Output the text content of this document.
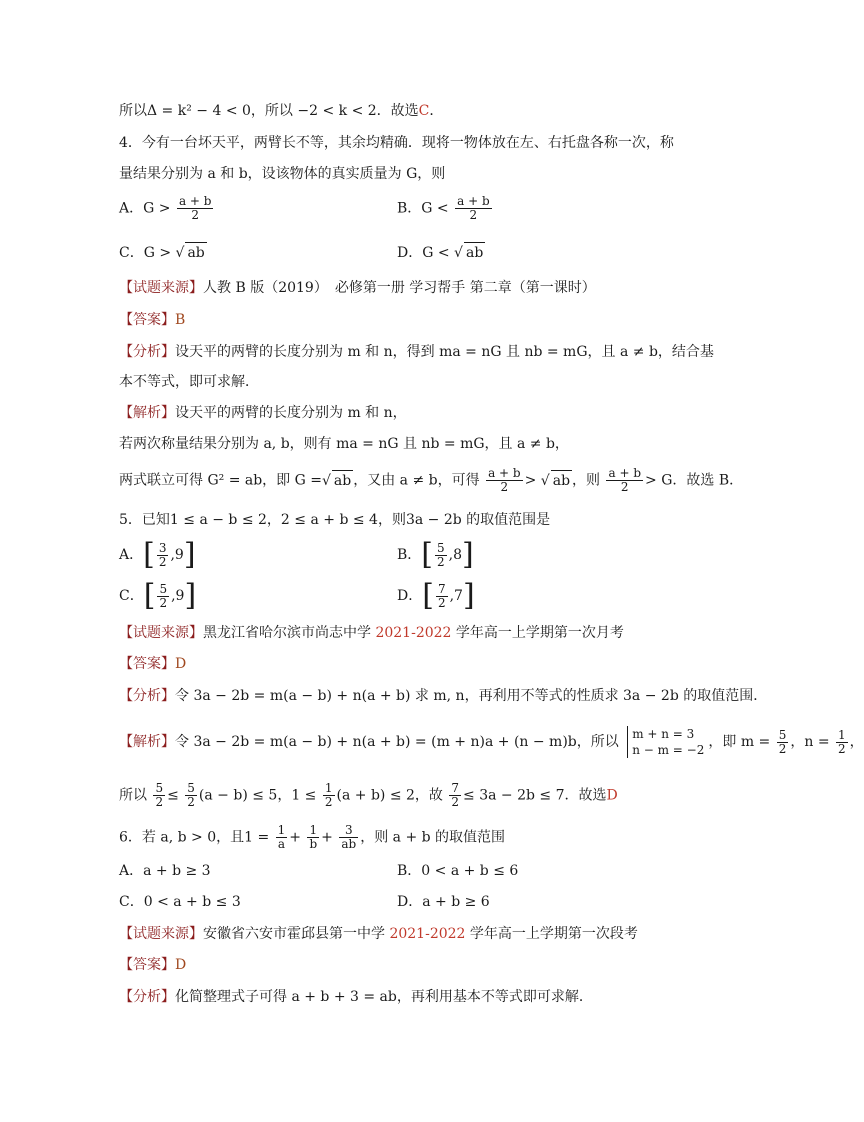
所以Δ = k² − 4 < 0，所以 −2 < k < 2．故选C．
4．今有一台坏天平，两臂长不等，其余均精确．现将一物体放在左、右托盘各称一次，称
量结果分别为 a 和 b，设该物体的真实质量为 G，则
A．$G > \frac{a + b}{2}$	B．$G < \frac{a + b}{2}$
C．G > √ ab	D．G < √ ab
【试题来源】人教 B 版（2019）　必修第一册 学习帮手 第二章（第一课时）
【答案】B
【分析】设天平的两臂的长度分别为 m 和 n，得到 ma = nG 且 nb = mG，且 a ≠ b，结合基
本不等式，即可求解．
【解析】设天平的两臂的长度分别为 m 和 n，
若两次称量结果分别为 a, b，则有 ma = nG 且 nb = mG，且 a ≠ b，
两式联立可得 G² = ab，即 G =√ ab ，又由 a ≠ b，可得 $\frac{a + b}{2}$ > √ ab ，则 $\frac{a + b}{2} > G$．故选 B．
5．已知1 ≤ a − b ≤ 2，2 ≤ a + b ≤ 4，则3a − 2b 的取值范围是
A．[ $\frac{3}{2} ,9$]	B．[ $\frac{5}{2} ,8$]
C．[ $\frac{5}{2} ,9$]	D．[ $\frac{7}{2} ,7$]
【试题来源】黑龙江省哈尔滨市尚志中学 2021-2022 学年高一上学期第一次月考
【答案】D
【分析】令 3a − 2b = m(a − b) + n(a + b) 求 m, n，再利用不等式的性质求 3a − 2b 的取值范围．
【解析】令 3a − 2b = m(a − b) + n(a + b) = (m + n)a + (n − m)b，所以 m + n = 3
n − m = −2 ，即 $m = \frac{5}{2}$ ，$n = \frac{1}{2}$ ，
所以 $\frac{5}{2} \le \frac{5}{2} (a - b) \le 5$，$1 \le \frac{1}{2} (a + b) \le 2$，故 $\frac{7}{2} \le 3a - 2b \le 7$．故选D
6．若 a, b > 0，且$1 = \frac{1}{a} + \frac{1}{b} + \frac{3}{ab}$ ，则 a + b 的取值范围
A．a + b ≥ 3	B．0 < a + b ≤ 6
C．0 < a + b ≤ 3	D．a + b ≥ 6
【试题来源】安徽省六安市霍邱县第一中学 2021-2022 学年高一上学期第一次段考
【答案】D
【分析】化简整理式子可得 a + b + 3 = ab，再利用基本不等式即可求解．
